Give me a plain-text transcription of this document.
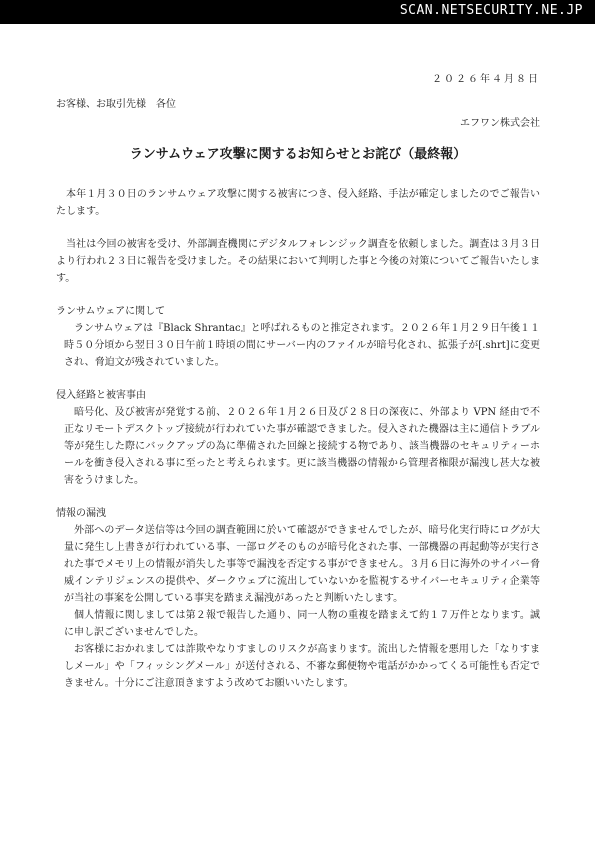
SCAN.NETSECURITY.NE.JP

２０２６年４月８日

お客様、お取引先様　各位

エフワン株式会社

ランサムウェア攻撃に関するお知らせとお詫び（最終報）

本年１月３０日のランサムウェア攻撃に関する被害につき、侵入経路、手法が確定しましたのでご報告いたします。

当社は今回の被害を受け、外部調査機関にデジタルフォレンジック調査を依頼しました。調査は３月３日より行われ２３日に報告を受けました。その結果において判明した事と今後の対策についてご報告いたします。

ランサムウェアに関して

ランサムウェアは『Black Shrantac』と呼ばれるものと推定されます。２０２６年１月２９日午後１１時５０分頃から翌日３０日午前１時頃の間にサーバー内のファイルが暗号化され、拡張子が[.shrt]に変更され、脅迫文が残されていました。

侵入経路と被害事由

暗号化、及び被害が発覚する前、２０２６年１月２６日及び２８日の深夜に、外部より VPN 経由で不正なリモートデスクトップ接続が行われていた事が確認できました。侵入された機器は主に通信トラブル等が発生した際にバックアップの為に準備された回線と接続する物であり、該当機器のセキュリティーホールを衝き侵入される事に至ったと考えられます。更に該当機器の情報から管理者権限が漏洩し甚大な被害をうけました。

情報の漏洩

外部へのデータ送信等は今回の調査範囲に於いて確認ができませんでしたが、暗号化実行時にログが大量に発生し上書きが行われている事、一部ログそのものが暗号化された事、一部機器の再起動等が実行された事でメモリ上の情報が消失した事等で漏洩を否定する事ができません。３月６日に海外のサイバー脅威インテリジェンスの提供や、ダークウェブに流出していないかを監視するサイバーセキュリティ企業等が当社の事案を公開している事実を踏まえ漏洩があったと判断いたします。

個人情報に関しましては第２報で報告した通り、同一人物の重複を踏まえて約１７万件となります。誠に申し訳ございませんでした。

お客様におかれましては詐欺やなりすましのリスクが高まります。流出した情報を悪用した「なりすましメール」や「フィッシングメール」が送付される、不審な郵便物や電話がかかってくる可能性も否定できません。十分にご注意頂きますよう改めてお願いいたします。
